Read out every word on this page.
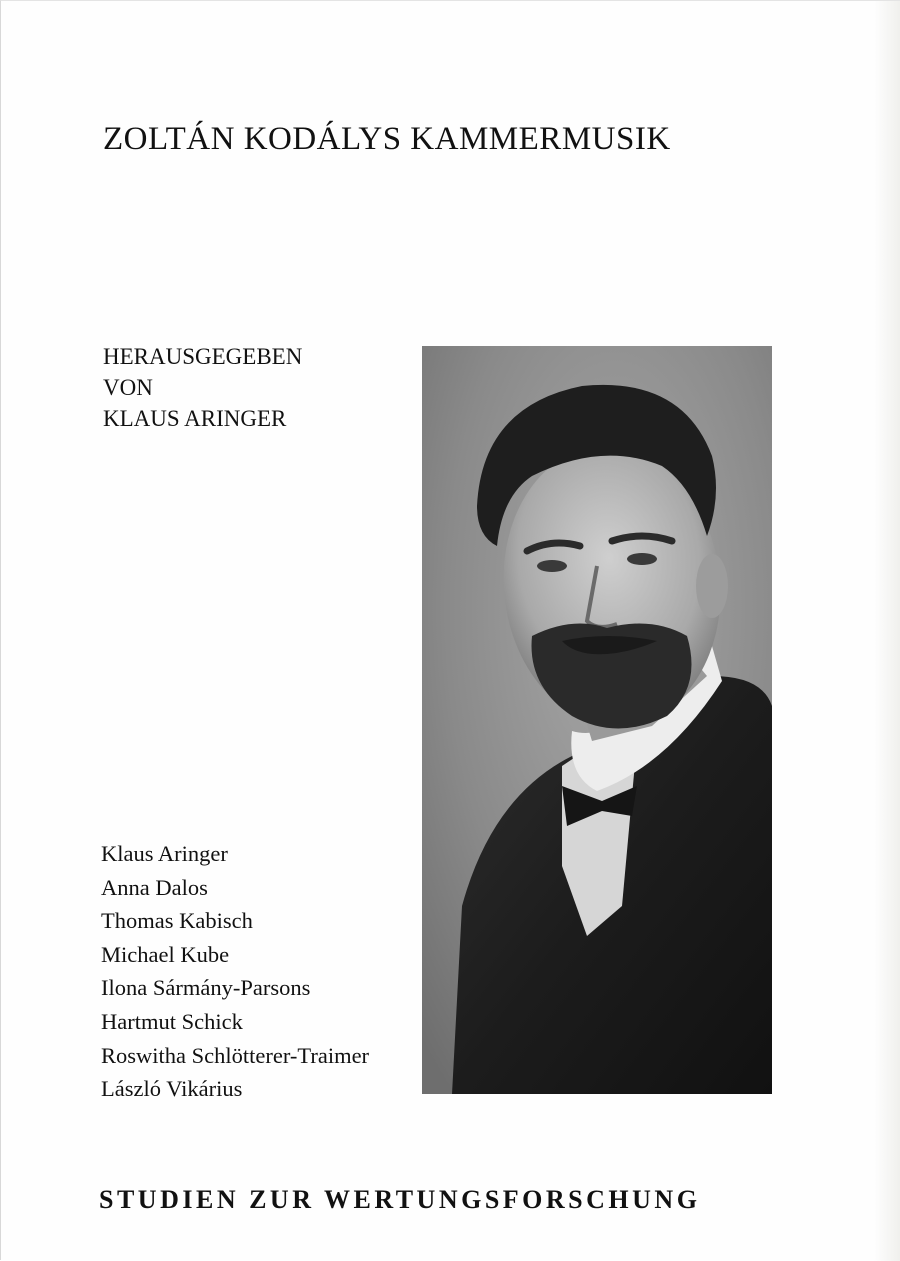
ZOLTÁN KODÁLYS KAMMERMUSIK
HERAUSGEGEBEN
VON
KLAUS ARINGER
Klaus Aringer
Anna Dalos
Thomas Kabisch
Michael Kube
Ilona Sármány-Parsons
Hartmut Schick
Roswitha Schlötterer-Traimer
László Vikárius
STUDIEN ZUR WERTUNGSFORSCHUNG
